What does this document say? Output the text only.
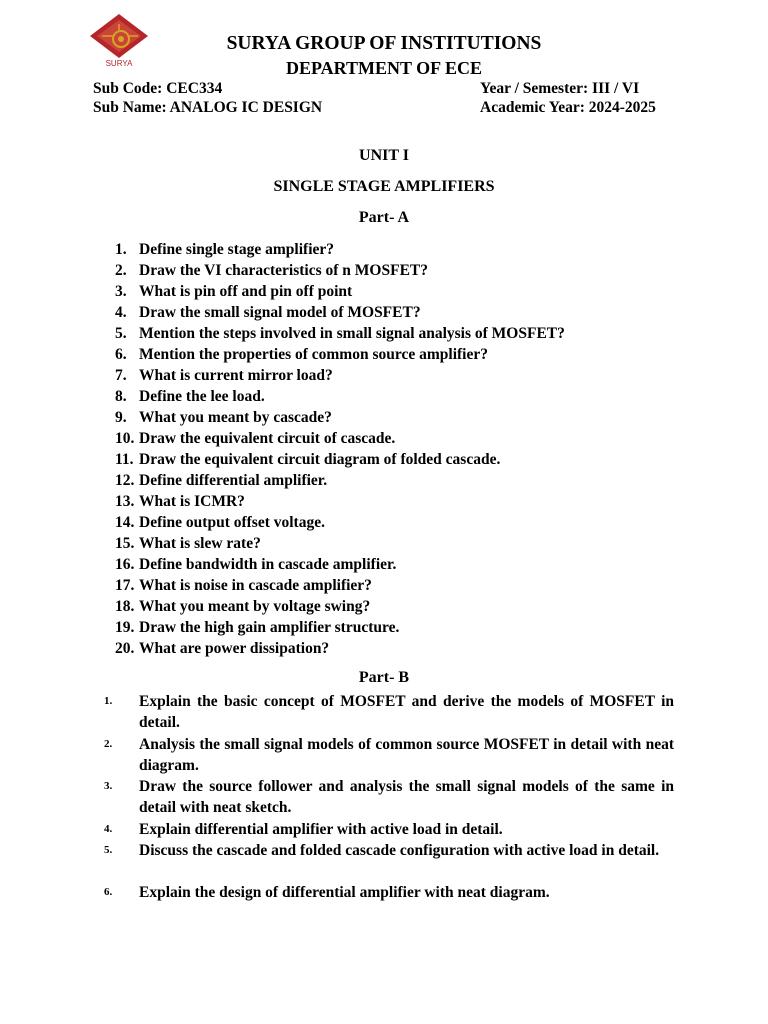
SURYA
SURYA GROUP OF INSTITUTIONS
DEPARTMENT OF ECE
Sub Code: CEC334
Sub Name: ANALOG IC DESIGN
Year / Semester: III / VI
Academic Year: 2024-2025
UNIT I
SINGLE STAGE AMPLIFIERS
Part- A
1. Define single stage amplifier?
2. Draw the VI characteristics of n MOSFET?
3. What is pin off and pin off point
4. Draw the small signal model of MOSFET?
5. Mention the steps involved in small signal analysis of MOSFET?
6. Mention the properties of common source amplifier?
7. What is current mirror load?
8. Define the lee load.
9. What you meant by cascade?
10. Draw the equivalent circuit of cascade.
11. Draw the equivalent circuit diagram of folded cascade.
12. Define differential amplifier.
13. What is ICMR?
14. Define output offset voltage.
15. What is slew rate?
16. Define bandwidth in cascade amplifier.
17. What is noise in cascade amplifier?
18. What you meant by voltage swing?
19. Draw the high gain amplifier structure.
20. What are power dissipation?
Part- B
1. Explain the basic concept of MOSFET and derive the models of MOSFET in detail.
2. Analysis the small signal models of common source MOSFET in detail with neat diagram.
3. Draw the source follower and analysis the small signal models of the same in detail with neat sketch.
4. Explain differential amplifier with active load in detail.
5. Discuss the cascade and folded cascade configuration with active load in detail.
6. Explain the design of differential amplifier with neat diagram.
